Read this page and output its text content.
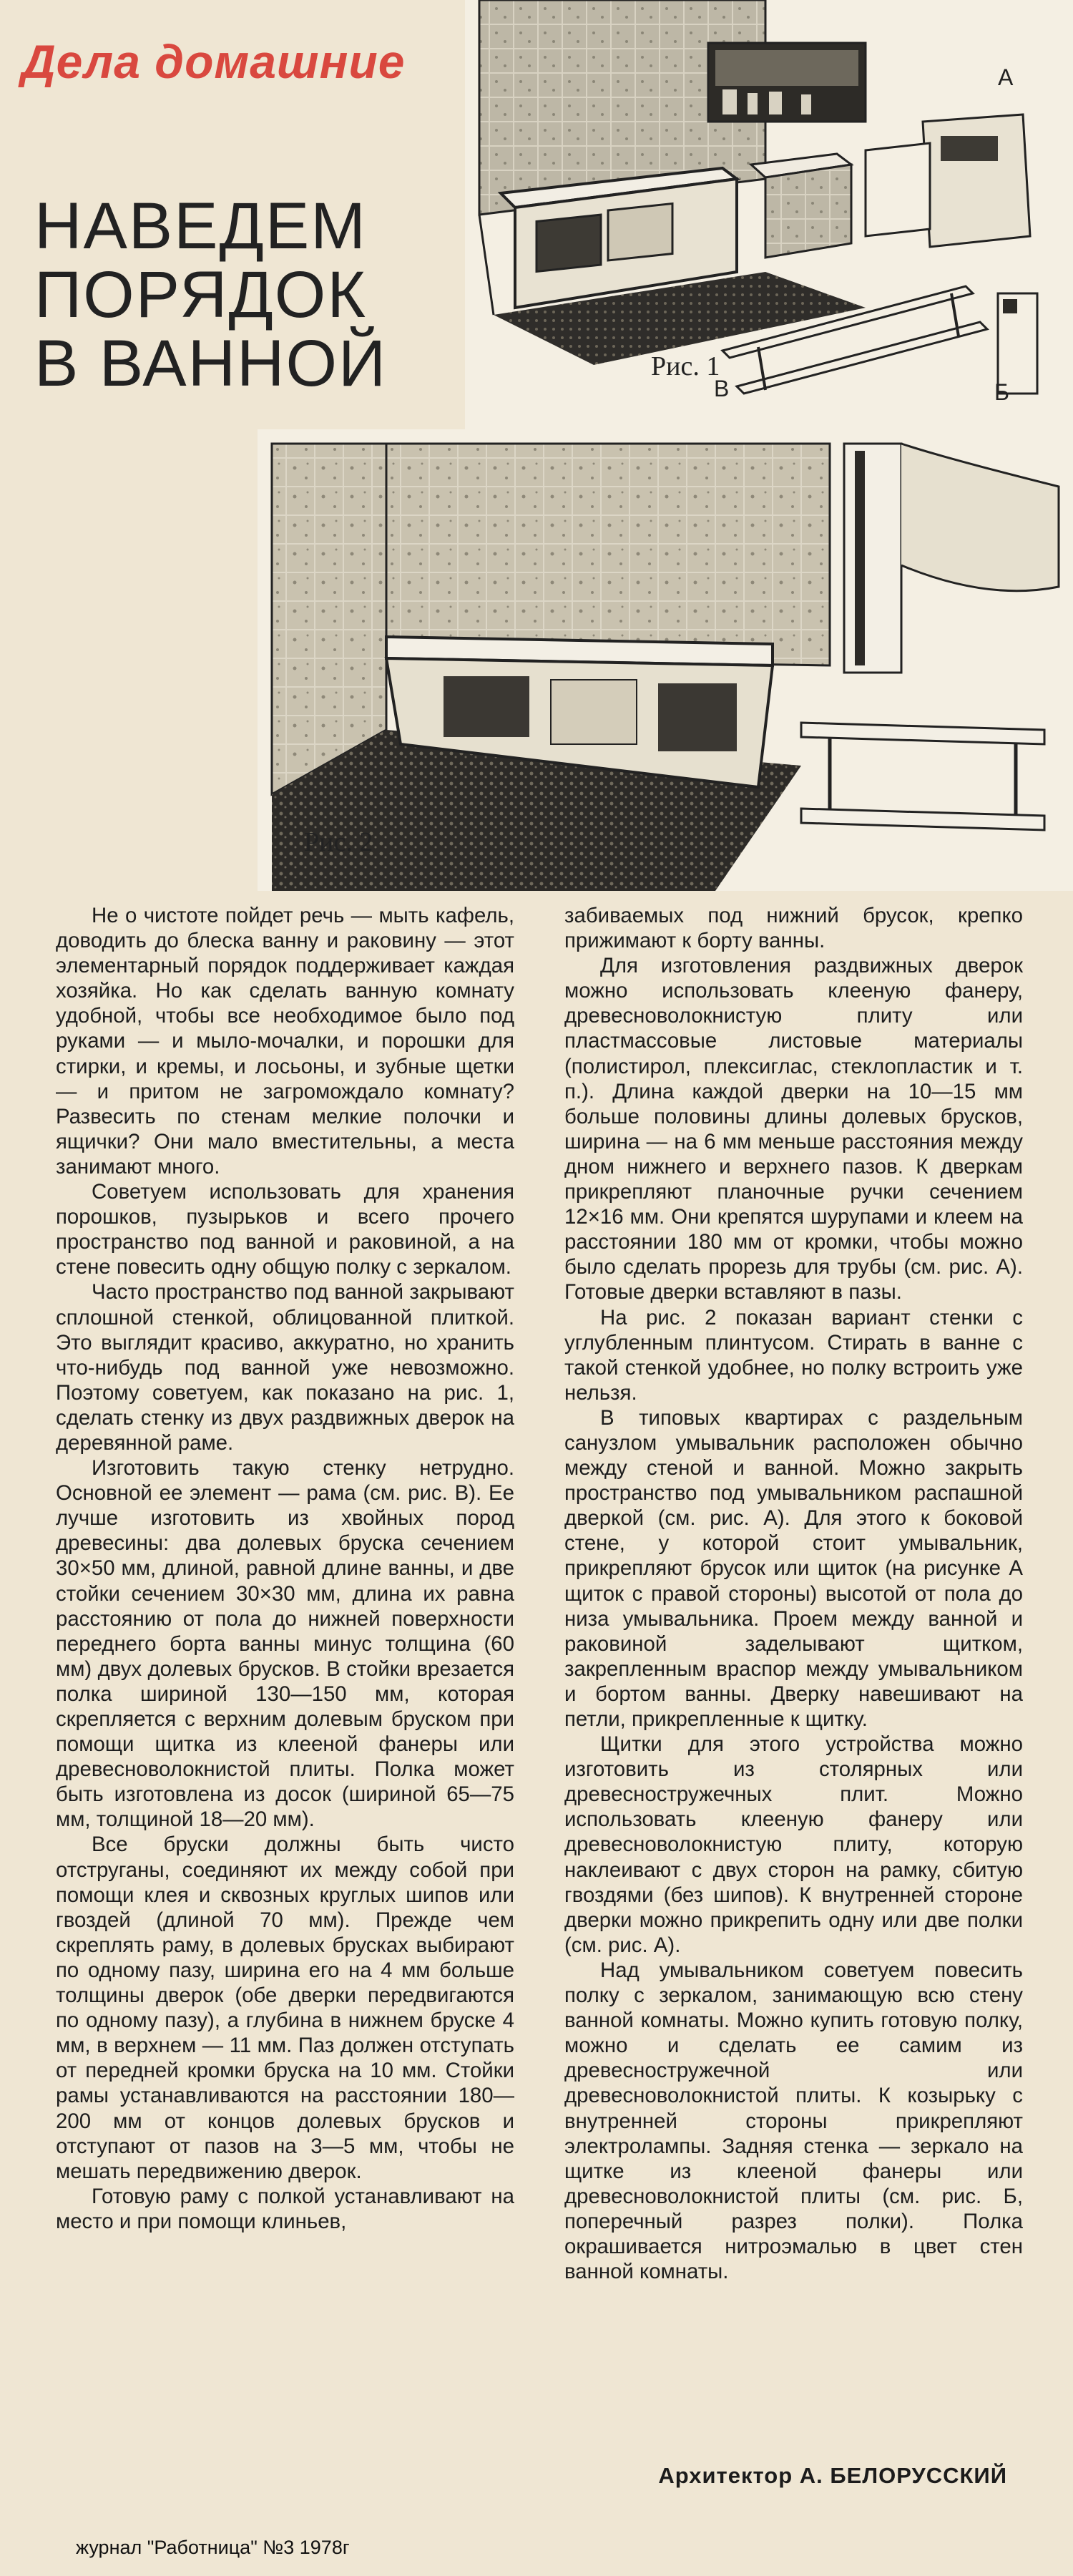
Дела домашние
НАВЕДЕМ
ПОРЯДОК
В ВАННОЙ	Рис. 1
А
Б
В
Рис. 2

Не о чистоте пойдет речь — мыть кафель, доводить до блеска ванну и раковину — этот элементарный порядок поддерживает каждая хозяйка. Но как сделать ванную комнату удобной, чтобы все необходимое было под руками — и мыло-мочалки, и порошки для стирки, и кремы, и лосьоны, и зубные щетки — и притом не загромождало комнату? Развесить по стенам мелкие полочки и ящички? Они мало вместительны, а места занимают много.

Советуем использовать для хранения порошков, пузырьков и всего прочего пространство под ванной и раковиной, а на стене повесить одну общую полку с зеркалом.

Часто пространство под ванной закрывают сплошной стенкой, облицованной плиткой. Это выглядит красиво, аккуратно, но хранить что-нибудь под ванной уже невозможно. Поэтому советуем, как показано на рис. 1, сделать стенку из двух раздвижных дверок на деревянной раме.

Изготовить такую стенку нетрудно. Основной ее элемент — рама (см. рис. В). Ее лучше изготовить из хвойных пород древесины: два долевых бруска сечением 30×50 мм, длиной, равной длине ванны, и две стойки сечением 30×30 мм, длина их равна расстоянию от пола до нижней поверхности переднего борта ванны минус толщина (60 мм) двух долевых брусков. В стойки врезается полка шириной 130—150 мм, которая скрепляется с верхним долевым бруском при помощи щитка из клееной фанеры или древесноволокнистой плиты. Полка может быть изготовлена из досок (шириной 65—75 мм, толщиной 18—20 мм).

Все бруски должны быть чисто отструганы, соединяют их между собой при помощи клея и сквозных круглых шипов или гвоздей (длиной 70 мм). Прежде чем скреплять раму, в долевых брусках выбирают по одному пазу, ширина его на 4 мм больше толщины дверок (обе дверки передвигаются по одному пазу), а глубина в нижнем бруске 4 мм, в верхнем — 11 мм. Паз должен отступать от передней кромки бруска на 10 мм. Стойки рамы устанавливаются на расстоянии 180—200 мм от концов долевых брусков и отступают от пазов на 3—5 мм, чтобы не мешать передвижению дверок.

Готовую раму с полкой устанавливают на место и при помощи клиньев,

забиваемых под нижний брусок, крепко прижимают к борту ванны.

Для изготовления раздвижных дверок можно использовать клееную фанеру, древесноволокнистую плиту или пластмассовые листовые материалы (полистирол, плексиглас, стеклопластик и т. п.). Длина каждой дверки на 10—15 мм больше половины длины долевых брусков, ширина — на 6 мм меньше расстояния между дном нижнего и верхнего пазов. К дверкам прикрепляют планочные ручки сечением 12×16 мм. Они крепятся шурупами и клеем на расстоянии 180 мм от кромки, чтобы можно было сделать прорезь для трубы (см. рис. А). Готовые дверки вставляют в пазы.

На рис. 2 показан вариант стенки с углубленным плинтусом. Стирать в ванне с такой стенкой удобнее, но полку встроить уже нельзя.

В типовых квартирах с раздельным санузлом умывальник расположен обычно между стеной и ванной. Можно закрыть пространство под умывальником распашной дверкой (см. рис. А). Для этого к боковой стене, у которой стоит умывальник, прикрепляют брусок или щиток (на рисунке А щиток с правой стороны) высотой от пола до низа умывальника. Проем между ванной и раковиной заделывают щитком, закрепленным враспор между умывальником и бортом ванны. Дверку навешивают на петли, прикрепленные к щитку.

Щитки для этого устройства можно изготовить из столярных или древесностружечных плит. Можно использовать клееную фанеру или древесноволокнистую плиту, которую наклеивают с двух сторон на рамку, сбитую гвоздями (без шипов). К внутренней стороне дверки можно прикрепить одну или две полки (см. рис. А).

Над умывальником советуем повесить полку с зеркалом, занимающую всю стену ванной комнаты. Можно купить готовую полку, можно и сделать ее самим из древесностружечной или древесноволокнистой плиты. К козырьку с внутренней стороны прикрепляют электролампы. Задняя стенка — зеркало на щитке из клееной фанеры или древесноволокнистой плиты (см. рис. Б, поперечный разрез полки). Полка окрашивается нитроэмалью в цвет стен ванной комнаты.

Архитектор А. БЕЛОРУССКИЙ
журнал "Работница" №3 1978г
